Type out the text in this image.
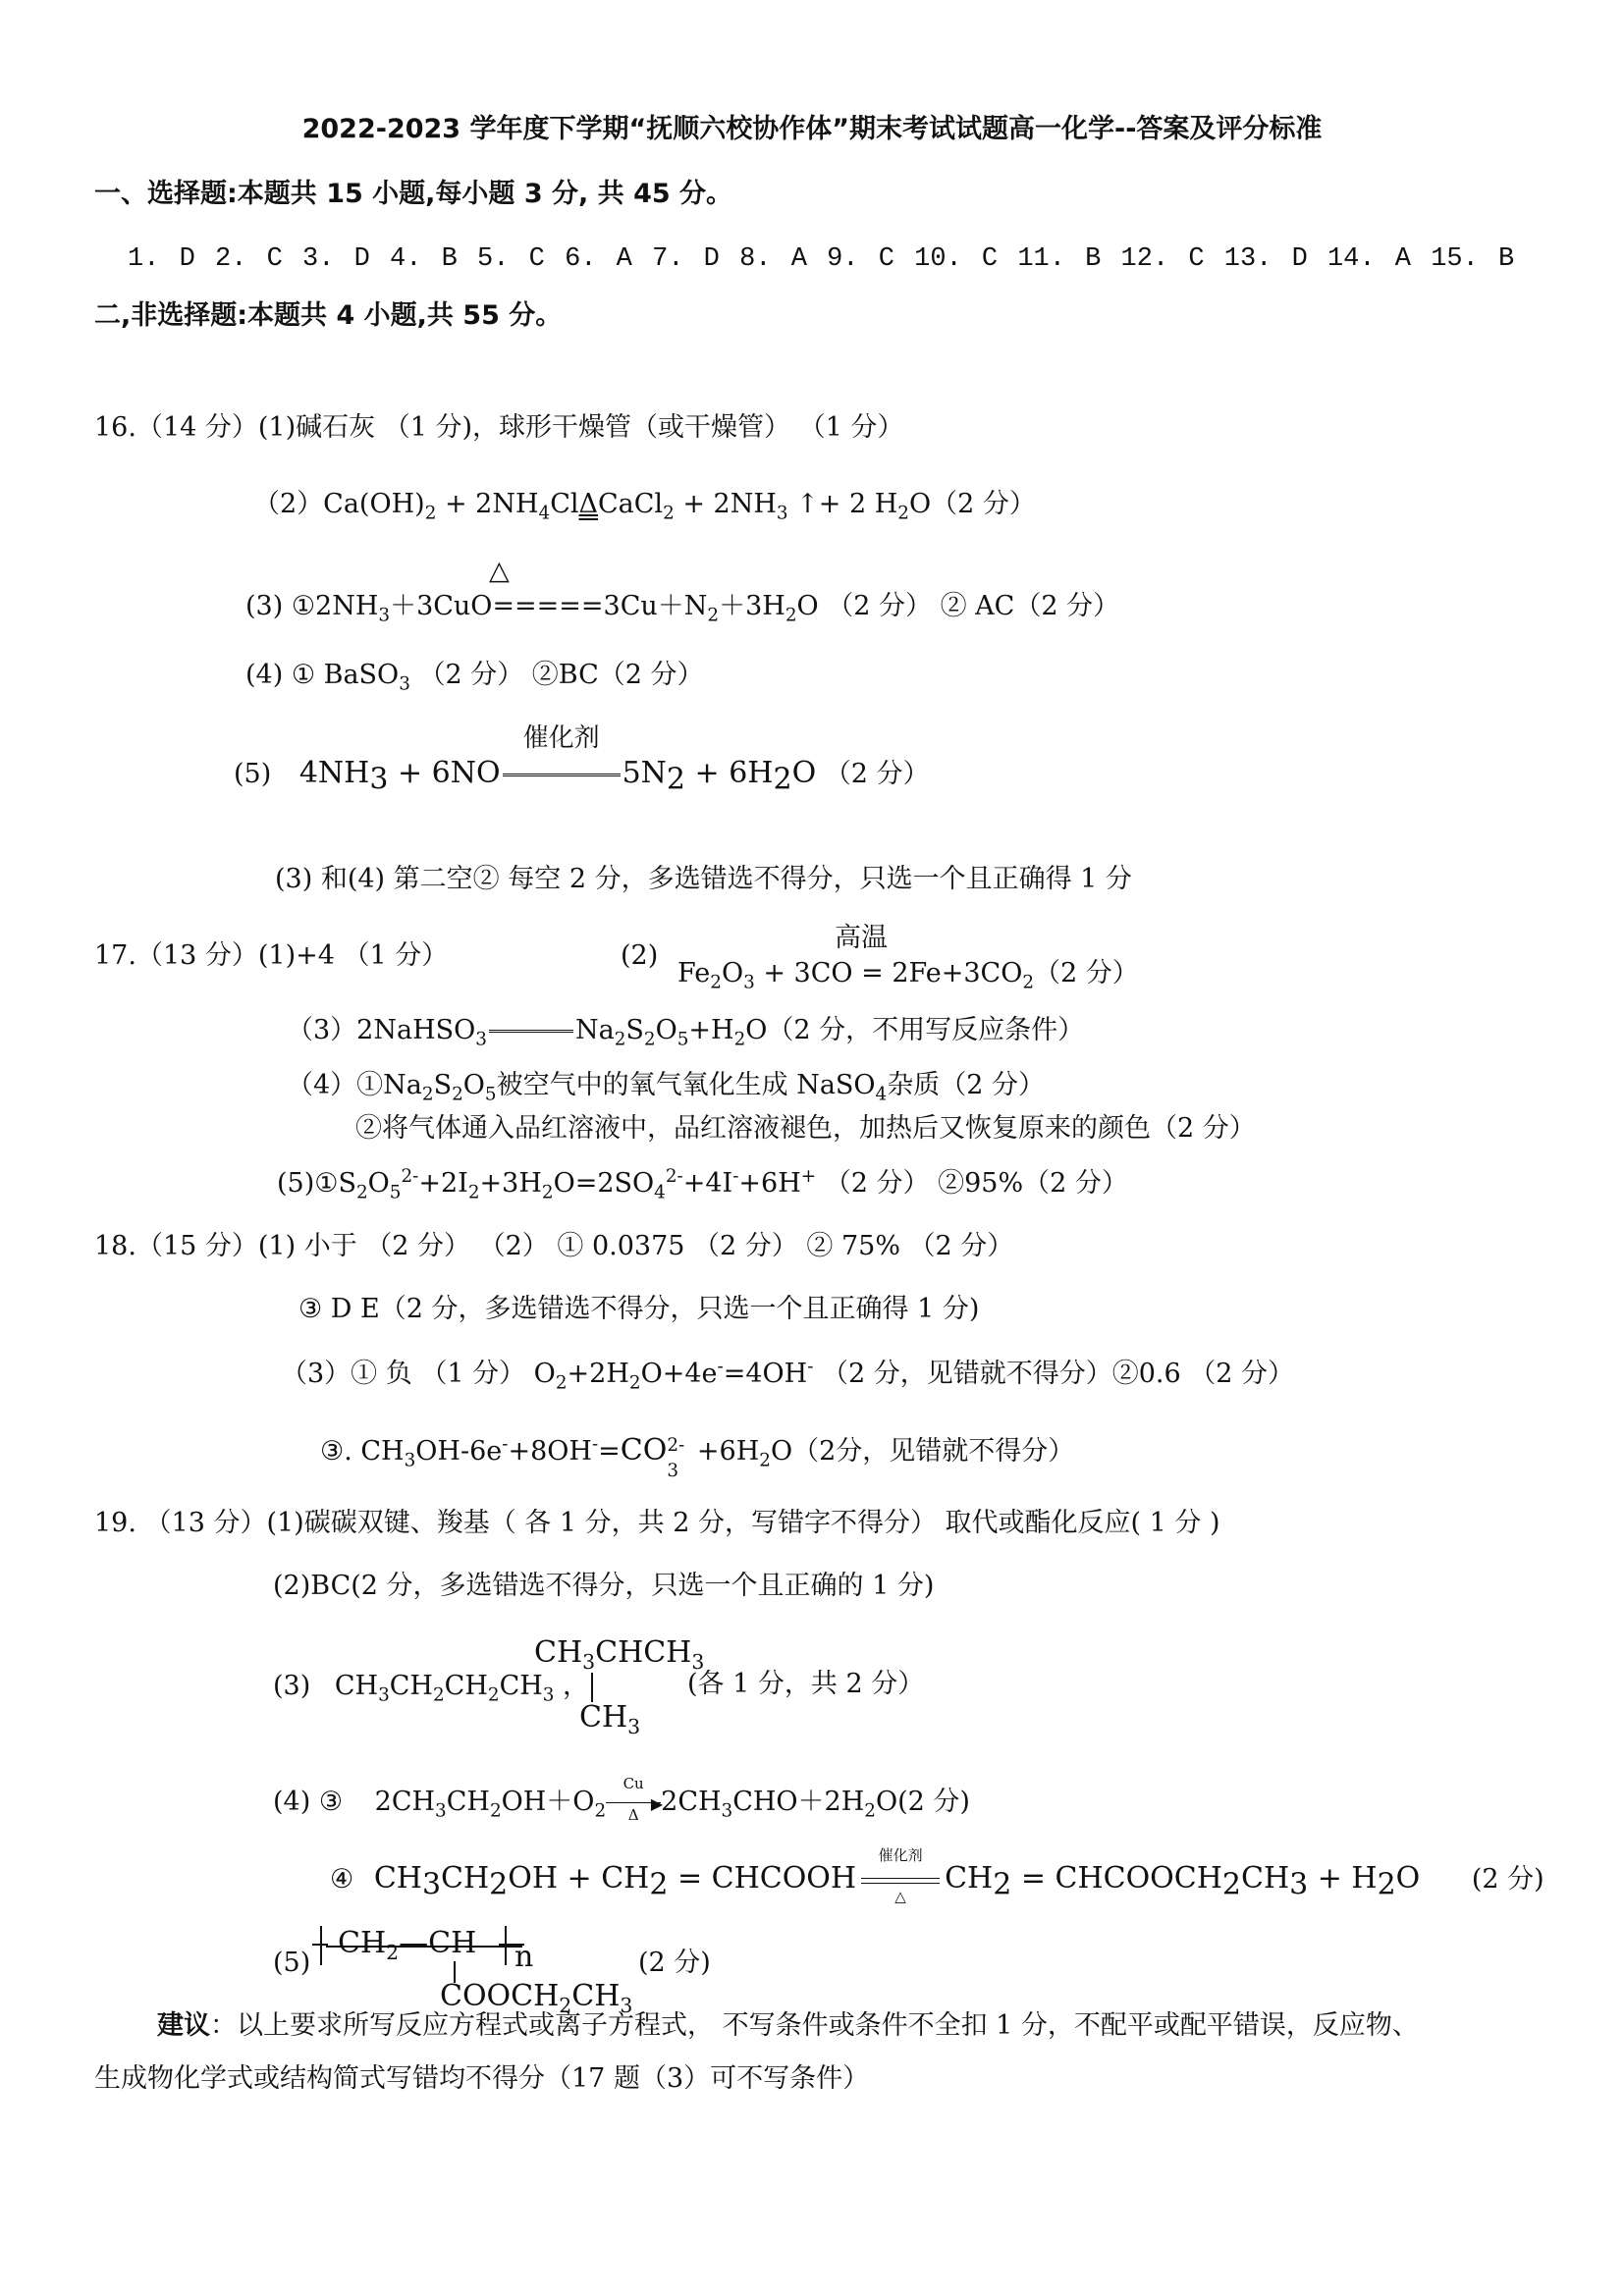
2022-2023 学年度下学期“抚顺六校协作体”期末考试试题高一化学--答案及评分标准
一、选择题:本题共 15 小题,每小题 3 分, 共 45 分。
1. D 2. C 3. D 4. B 5. C 6. A 7. D 8. A 9. C 10. C 11. B 12. C 13. D 14. A 15. B
二,非选择题:本题共 4 小题,共 55 分。
16.（14 分）(1)碱石灰 （1 分)，球形干燥管（或干燥管） （1 分）
$(2)Ca(OH)_2$ + $2NH_4Cl\Delta CaCl_2 + 2NH_3$ ↑+ 2 $H_2O(2$ 分）
△
(3) $①2NH_3+3CuO=====3Cu+N_2+3H_2O$ （2 分） ② AC（2 分）
(4) ① BaSO$_3$ （2 分） ②BC（2 分）
(5) $4NH_3 + 6NO$
催化剂
$5N_2 + 6H_2O$ （2 分）
(3) 和(4) 第二空② 每空 2 分，多选错选不得分，只选一个且正确得 1 分
17.（13 分）(1)+4 （1 分）	(2)
高温
$Fe_2O_3 + 3CO = 2Fe+3CO_2(2$ 分）
（3）2NaHSO$_3$	$Na_2S_2O_5+H_2O(2$ 分，不用写反应条件）
$(4)①Na_2S_2O_5$被空气中的氧气氧化生成 NaSO$_4$杂质（2 分）
②将气体通入品红溶液中，品红溶液褪色，加热后又恢复原来的颜色（2 分）
$(5)①S_2O_5^{2-}+2I_2+3H_2O=2SO_4^{2-}+4I^-+6H^+$ （2 分） ②95%（2 分）
18.（15 分）(1) 小于 （2 分） （2） ① 0.0375 （2 分） ② 75% （2 分）
③ D E（2 分，多选错选不得分，只选一个且正确得 1 分)
（3）① 负 （1 分） $O_2+2H_2O+4e^-=4OH^-$ （2 分，见错就不得分）②0.6 （2 分）
③. $CH_3OH-6e^-+8OH^-=CO$ 2-
3
$+6H_2O(2$分，见错就不得分）
19. （13 分）(1)碳碳双键、羧基（ 各 1 分，共 2 分，写错字不得分） 取代或酯化反应( 1 分 )
(2)BC(2 分，多选错选不得分，只选一个且正确的 1 分)
(3) $CH_3CH_2CH_2CH_3$ ，
$CH_3CHCH_3$
$CH_3$
(各 1 分，共 2 分）
(4) ③ $2CH_3CH_2OH+O_2$
Cu
▶
Δ $2CH_3CHO+2H_2O(2$ 分)
④ $CH_3CH_2OH + CH_2$ = CHCOOH
催化剂
△
$CH_2$ = $CHCOOCH_2CH_3 + H_2O$ (2 分)
(5)
$CH_2—CH$ n
$COOCH_2CH_3$
(2 分)
建议：以上要求所写反应方程式或离子方程式， 不写条件或条件不全扣 1 分，不配平或配平错误，反应物、
生成物化学式或结构简式写错均不得分（17 题（3）可不写条件）
